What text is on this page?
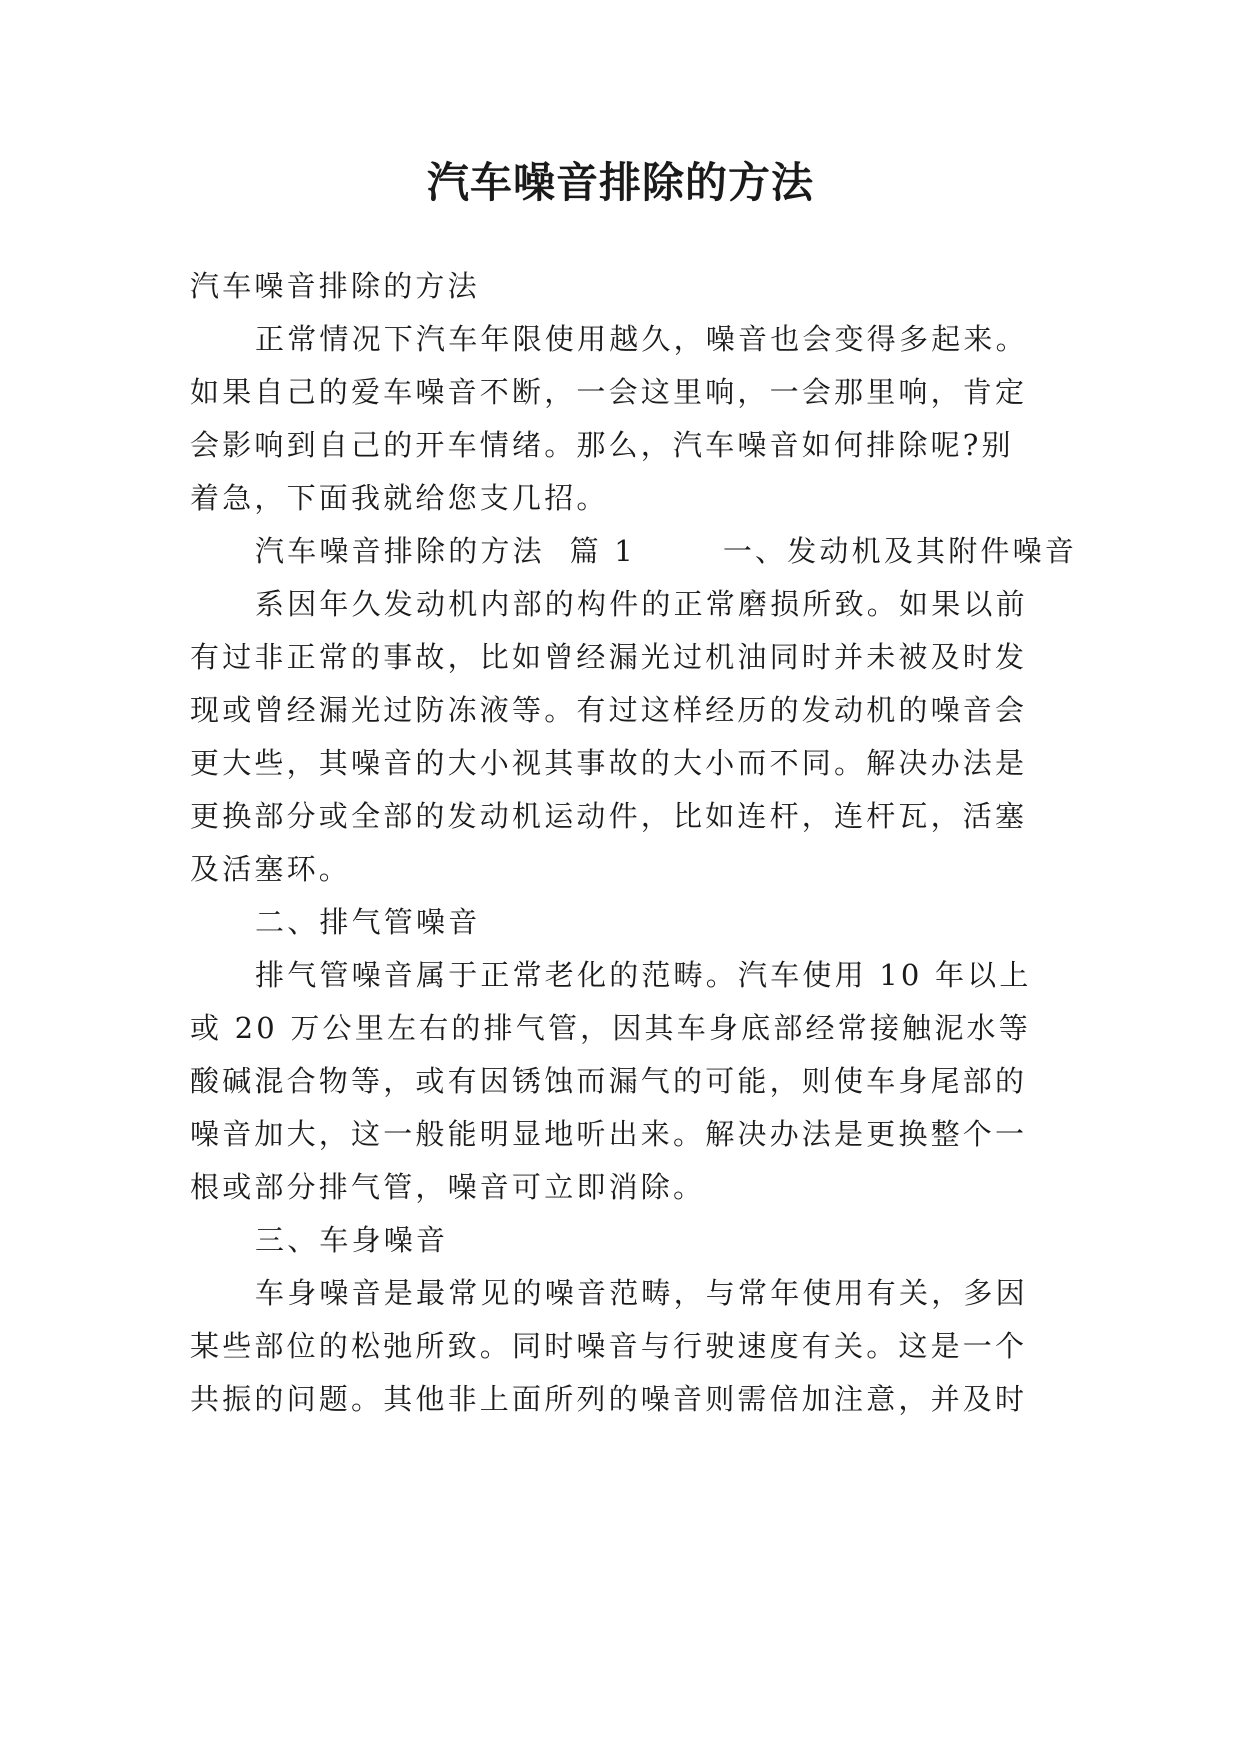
汽车噪音排除的方法
汽车噪音排除的方法
正常情况下汽车年限使用越久，噪音也会变得多起来。
如果自己的爱车噪音不断，一会这里响，一会那里响，肯定
会影响到自己的开车情绪。那么，汽车噪音如何排除呢?别
着急，下面我就给您支几招。
汽车噪音排除的方法  篇 1       一、发动机及其附件噪音
系因年久发动机内部的构件的正常磨损所致。如果以前
有过非正常的事故，比如曾经漏光过机油同时并未被及时发
现或曾经漏光过防冻液等。有过这样经历的发动机的噪音会
更大些，其噪音的大小视其事故的大小而不同。解决办法是
更换部分或全部的发动机运动件，比如连杆，连杆瓦，活塞
及活塞环。
二、排气管噪音
排气管噪音属于正常老化的范畴。汽车使用 10 年以上
或 20 万公里左右的排气管，因其车身底部经常接触泥水等
酸碱混合物等，或有因锈蚀而漏气的可能，则使车身尾部的
噪音加大，这一般能明显地听出来。解决办法是更换整个一
根或部分排气管，噪音可立即消除。
三、车身噪音
车身噪音是最常见的噪音范畴，与常年使用有关，多因
某些部位的松弛所致。同时噪音与行驶速度有关。这是一个
共振的问题。其他非上面所列的噪音则需倍加注意，并及时
